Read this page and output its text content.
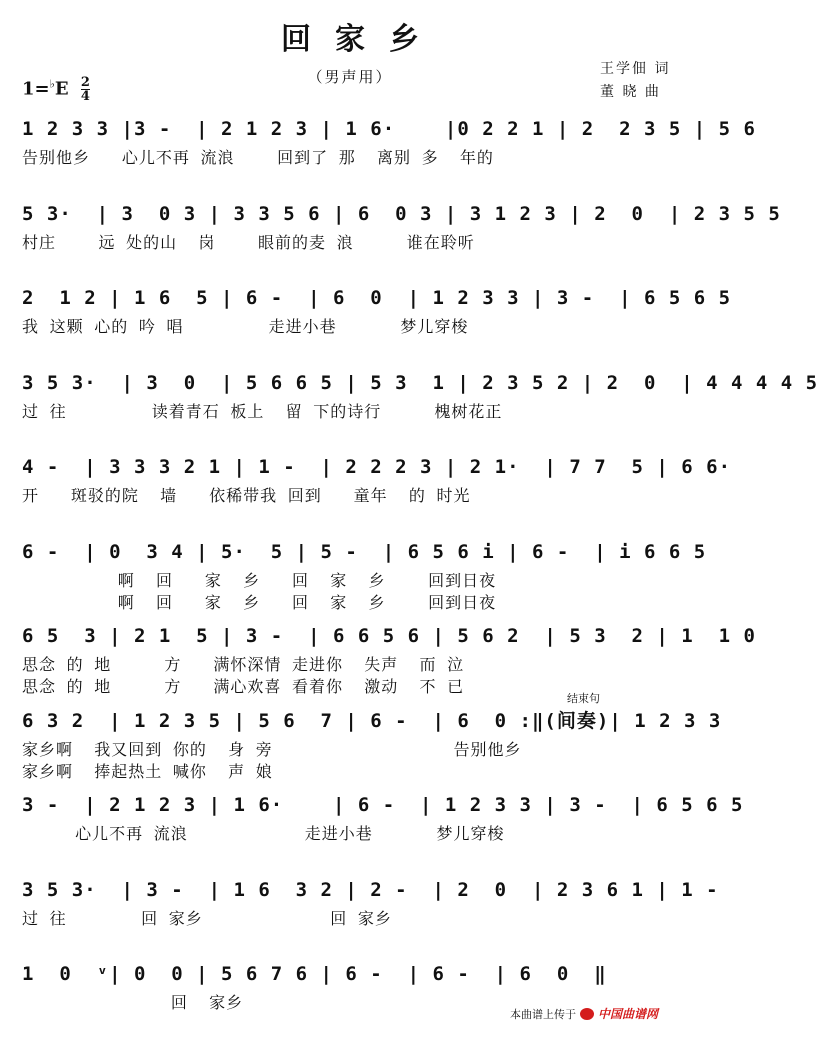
回家乡
（男声用）
$1=^♭E \frac{2}{4}$
王学佃 词
董 晓 曲
1 2 3 3 |3 -  | 2 1 2 3 | 1 6·    |0 2 2 1 | 2  2 3 5 | 5 6
告别他乡   心儿不再 流浪    回到了 那  离别 多  年的
5 3·  | 3  0 3 | 3 3 5 6 | 6  0 3 | 3 1 2 3 | 2  0  | 2 3 5 5
村庄    远 处的山  岗    眼前的麦 浪     谁在聆听
2  1 2 | 1 6  5 | 6 -  | 6  0  | 1 2 3 3 | 3 -  | 6 5 6 5
我 这颗 心的 吟 唱        走进小巷      梦儿穿梭
3 5 3·  | 3  0  | 5 6 6 5 | 5 3  1 | 2 3 5 2 | 2  0  | 4 4 4 4 5
过 往        读着青石 板上  留 下的诗行     槐树花正
4 -  | 3 3 3 2 1 | 1 -  | 2 2 2 3 | 2 1·  | 7 7  5 | 6 6·
开   斑驳的院  墙   依稀带我 回到   童年  的 时光
6 -  | 0  3 4 | 5·  5 | 5 -  | 6 5 6 i | 6 -  | i 6 6 5
啊  回   家  乡   回  家  乡    回到日夜
啊  回   家  乡   回  家  乡    回到日夜
6 5  3 | 2 1  5 | 3 -  | 6 6 5 6 | 5 6 2  | 5 3  2 | 1  1 0
思念 的 地     方   满怀深情 走进你  失声  而 泣
思念 的 地     方   满心欢喜 看着你  激动  不 已
结束句
6 3 2  | 1 2 3 5 | 5 6  7 | 6 -  | 6  0 :‖(间奏)| 1 2 3 3
家乡啊  我又回到 你的  身 旁                 告别他乡
家乡啊  捧起热土 喊你  声 娘
3 -  | 2 1 2 3 | 1 6·    | 6 -  | 1 2 3 3 | 3 -  | 6 5 6 5
心儿不再 流浪           走进小巷      梦儿穿梭
3 5 3·  | 3 -  | 1 6  3 2 | 2 -  | 2  0  | 2 3 6 1 | 1 -
过 往       回 家乡            回 家乡
1  0  ᵛ| 0  0 | 5 6 7 6 | 6 -  | 6 -  | 6  0  ‖
回  家乡
本曲谱上传于 中国曲谱网
